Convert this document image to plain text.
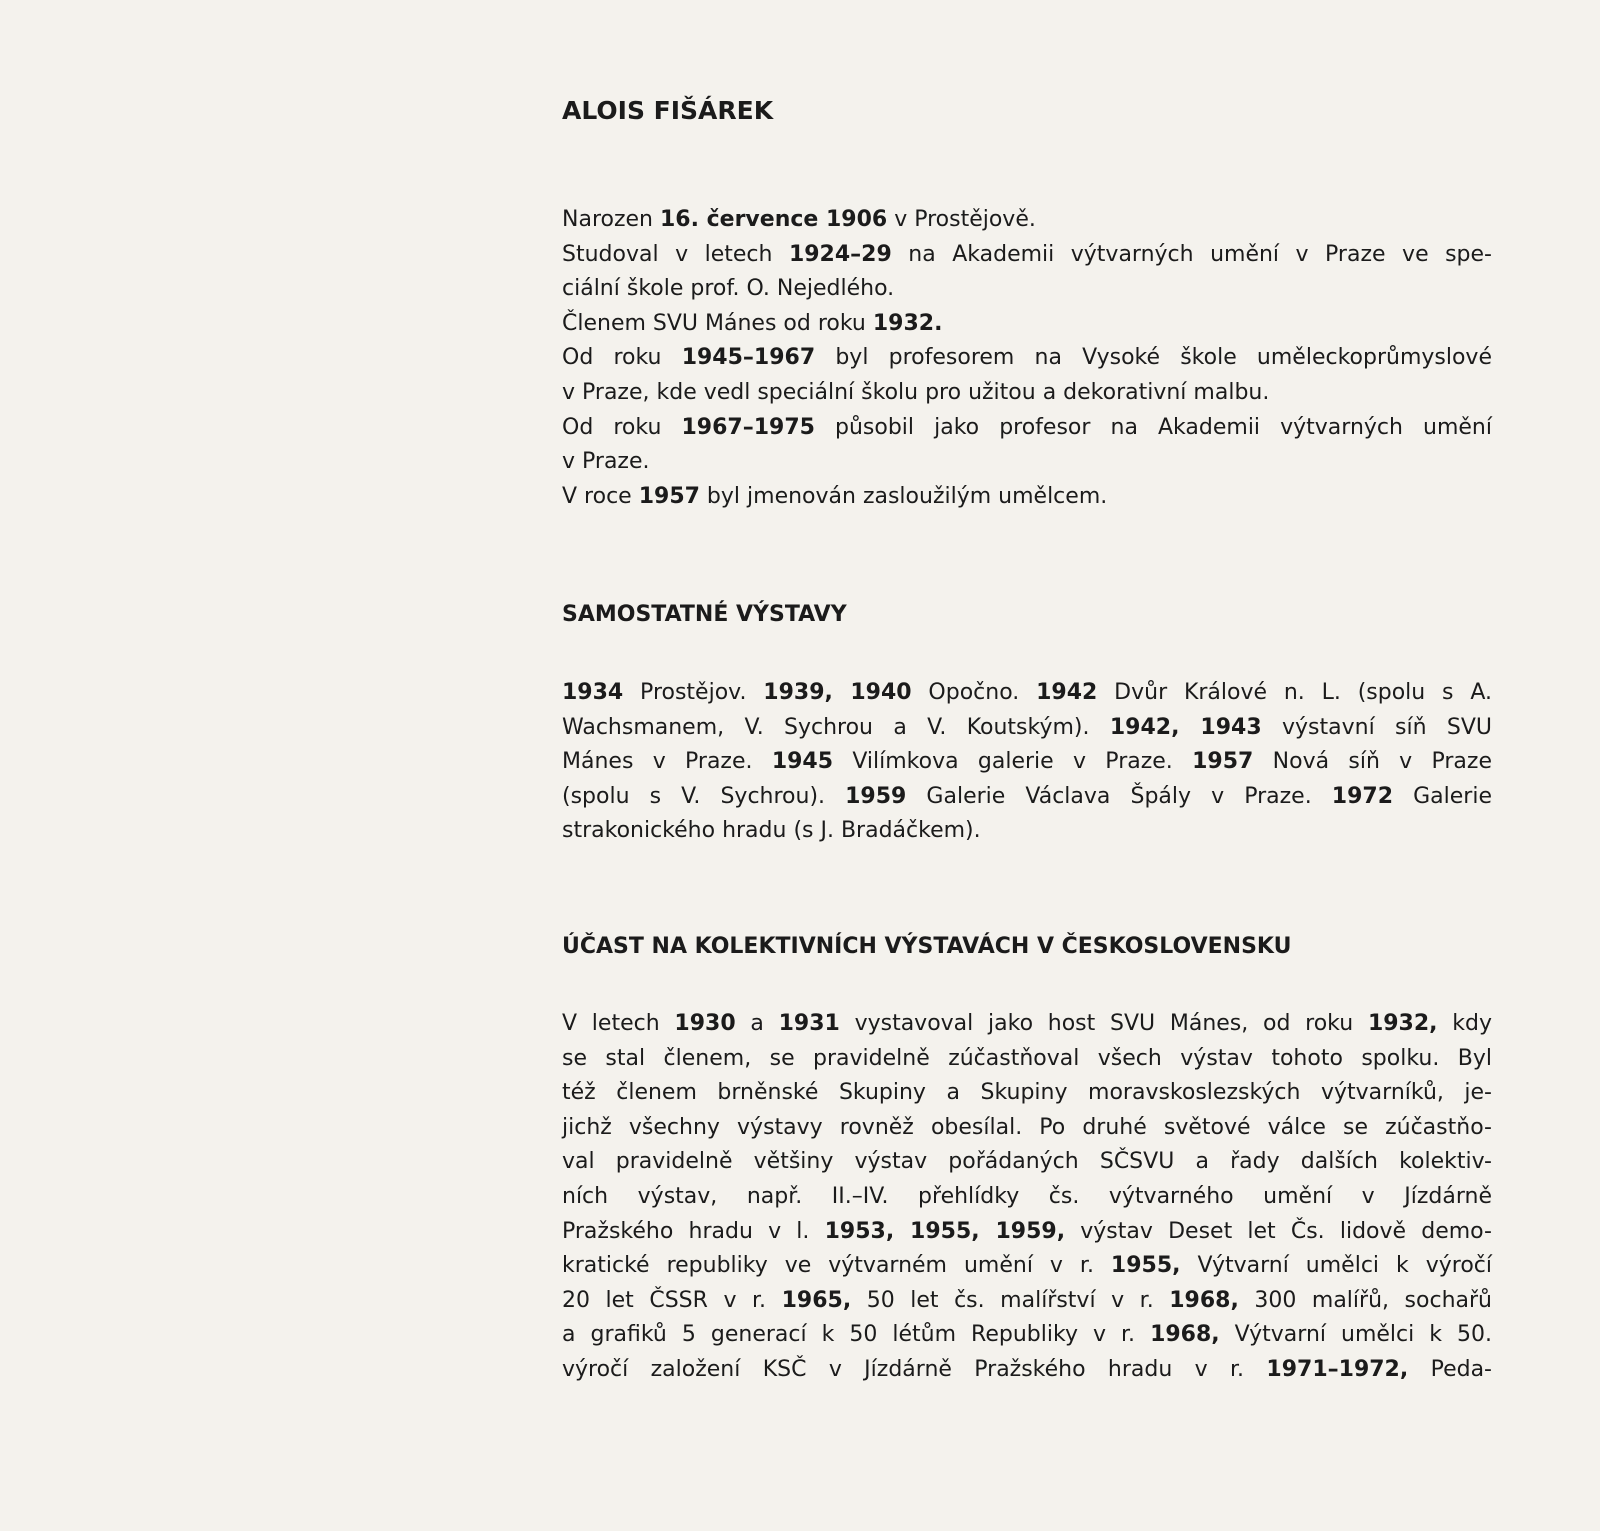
ALOIS FIŠÁREK
Narozen 16. července 1906 v Prostějově.
Studoval v letech 1924–29 na Akademii výtvarných umění v Praze ve spe-
ciální škole prof. O. Nejedlého.
Členem SVU Mánes od roku 1932.
Od roku 1945–1967 byl profesorem na Vysoké škole uměleckoprůmyslové
v Praze, kde vedl speciální školu pro užitou a dekorativní malbu.
Od roku 1967–1975 působil jako profesor na Akademii výtvarných umění
v Praze.
V roce 1957 byl jmenován zasloužilým umělcem.
SAMOSTATNÉ VÝSTAVY
1934 Prostějov. 1939, 1940 Opočno. 1942 Dvůr Králové n. L. (spolu s A.
Wachsmanem, V. Sychrou a V. Koutským). 1942, 1943 výstavní síň SVU
Mánes v Praze. 1945 Vilímkova galerie v Praze. 1957 Nová síň v Praze
(spolu s V. Sychrou). 1959 Galerie Václava Špály v Praze. 1972 Galerie
strakonického hradu (s J. Bradáčkem).
ÚČAST NA KOLEKTIVNÍCH VÝSTAVÁCH V ČESKOSLOVENSKU
V letech 1930 a 1931 vystavoval jako host SVU Mánes, od roku 1932, kdy
se stal členem, se pravidelně zúčastňoval všech výstav tohoto spolku. Byl
též členem brněnské Skupiny a Skupiny moravskoslezských výtvarníků, je-
jichž všechny výstavy rovněž obesílal. Po druhé světové válce se zúčastňo-
val pravidelně většiny výstav pořádaných SČSVU a řady dalších kolektiv-
ních výstav, např. II.–IV. přehlídky čs. výtvarného umění v Jízdárně
Pražského hradu v l. 1953, 1955, 1959, výstav Deset let Čs. lidově demo-
kratické republiky ve výtvarném umění v r. 1955, Výtvarní umělci k výročí
20 let ČSSR v r. 1965, 50 let čs. malířství v r. 1968, 300 malířů, sochařů
a grafiků 5 generací k 50 létům Republiky v r. 1968, Výtvarní umělci k 50.
výročí založení KSČ v Jízdárně Pražského hradu v r. 1971–1972, Peda-
